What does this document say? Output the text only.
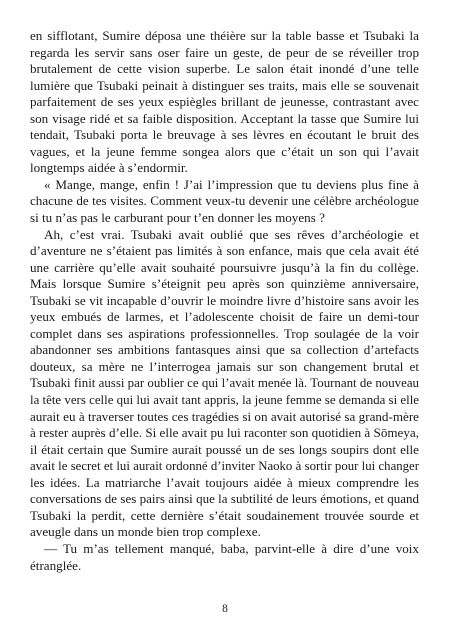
en sifflotant, Sumire déposa une théière sur la table basse et Tsubaki la
regarda les servir sans oser faire un geste, de peur de se réveiller trop
brutalement de cette vision superbe. Le salon était inondé d’une telle
lumière que Tsubaki peinait à distinguer ses traits, mais elle se souvenait
parfaitement de ses yeux espiègles brillant de jeunesse, contrastant avec
son visage ridé et sa faible disposition. Acceptant la tasse que Sumire lui
tendait, Tsubaki porta le breuvage à ses lèvres en écoutant le bruit des
vagues, et la jeune femme songea alors que c’était un son qui l’avait
longtemps aidée à s’endormir.
« Mange, mange, enfin ! J’ai l’impression que tu deviens plus fine à
chacune de tes visites. Comment veux-tu devenir une célèbre archéologue
si tu n’as pas le carburant pour t’en donner les moyens ?
Ah, c’est vrai. Tsubaki avait oublié que ses rêves d’archéologie et
d’aventure ne s’étaient pas limités à son enfance, mais que cela avait été
une carrière qu’elle avait souhaité poursuivre jusqu’à la fin du collège.
Mais lorsque Sumire s’éteignit peu après son quinzième anniversaire,
Tsubaki se vit incapable d’ouvrir le moindre livre d’histoire sans avoir les
yeux embués de larmes, et l’adolescente choisit de faire un demi-tour
complet dans ses aspirations professionnelles. Trop soulagée de la voir
abandonner ses ambitions fantasques ainsi que sa collection d’artefacts
douteux, sa mère ne l’interrogea jamais sur son changement brutal et
Tsubaki finit aussi par oublier ce qui l’avait menée là. Tournant de nouveau
la tête vers celle qui lui avait tant appris, la jeune femme se demanda si elle
aurait eu à traverser toutes ces tragédies si on avait autorisé sa grand-mère
à rester auprès d’elle. Si elle avait pu lui raconter son quotidien à Sōmeya,
il était certain que Sumire aurait poussé un de ses longs soupirs dont elle
avait le secret et lui aurait ordonné d’inviter Naoko à sortir pour lui changer
les idées. La matriarche l’avait toujours aidée à mieux comprendre les
conversations de ses pairs ainsi que la subtilité de leurs émotions, et quand
Tsubaki la perdit, cette dernière s’était soudainement trouvée sourde et
aveugle dans un monde bien trop complexe.
— Tu m’as tellement manqué, baba, parvint-elle à dire d’une voix
étranglée.
8
